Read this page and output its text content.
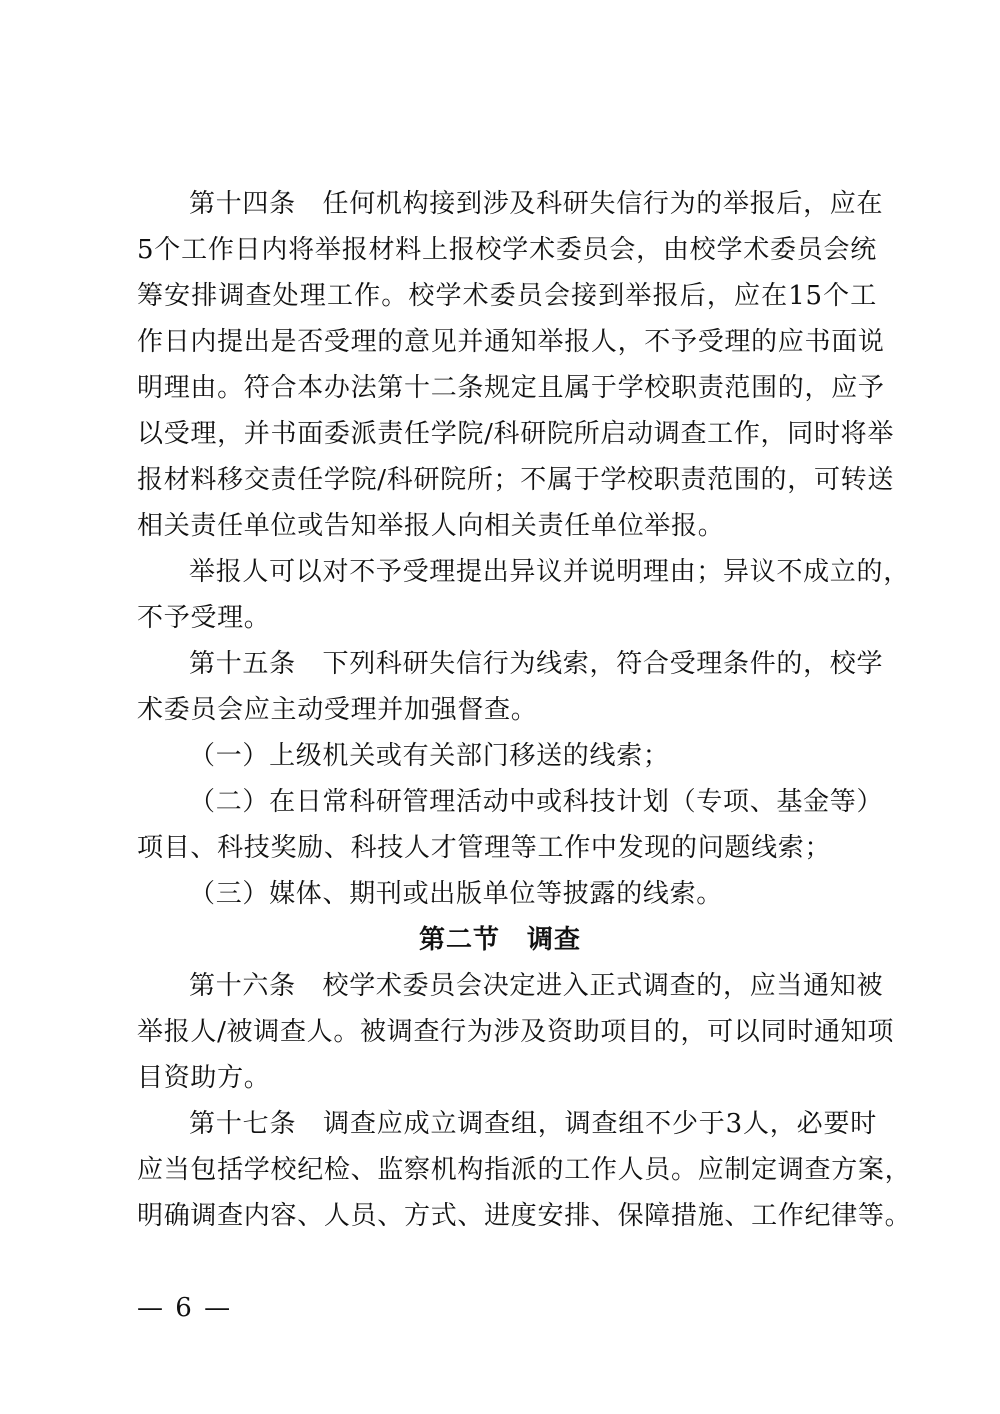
第十四条　任何机构接到涉及科研失信行为的举报后，应在
5个工作日内将举报材料上报校学术委员会，由校学术委员会统
筹安排调查处理工作。校学术委员会接到举报后，应在15个工
作日内提出是否受理的意见并通知举报人，不予受理的应书面说
明理由。符合本办法第十二条规定且属于学校职责范围的，应予
以受理，并书面委派责任学院/科研院所启动调查工作，同时将举
报材料移交责任学院/科研院所；不属于学校职责范围的，可转送
相关责任单位或告知举报人向相关责任单位举报。
举报人可以对不予受理提出异议并说明理由；异议不成立的，
不予受理。
第十五条　下列科研失信行为线索，符合受理条件的，校学
术委员会应主动受理并加强督查。
（一）上级机关或有关部门移送的线索；
（二）在日常科研管理活动中或科技计划（专项、基金等）
项目、科技奖励、科技人才管理等工作中发现的问题线索；
（三）媒体、期刊或出版单位等披露的线索。
第二节　调查
第十六条　校学术委员会决定进入正式调查的，应当通知被
举报人/被调查人。被调查行为涉及资助项目的，可以同时通知项
目资助方。
第十七条　调查应成立调查组，调查组不少于3人，必要时
应当包括学校纪检、监察机构指派的工作人员。应制定调查方案，
明确调查内容、人员、方式、进度安排、保障措施、工作纪律等。
— 6 —
